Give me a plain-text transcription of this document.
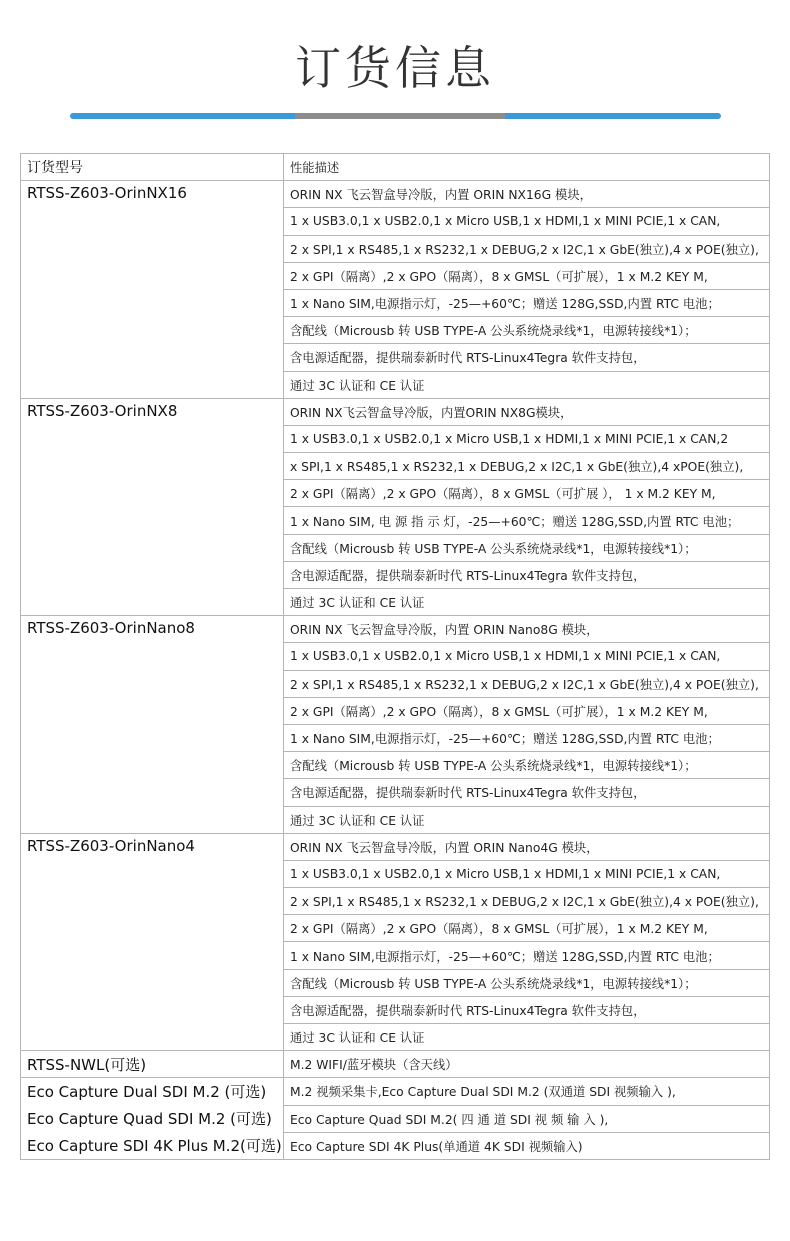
订货信息
订货型号	性能描述
RTSS-Z603-OrinNX16	ORIN NX 飞云智盒导冷版，内置 ORIN NX16G 模块，
	1 x USB3.0,1 x USB2.0,1 x Micro USB,1 x HDMI,1 x MINI PCIE,1 x CAN,
	2 x SPI,1 x RS485,1 x RS232,1 x DEBUG,2 x I2C,1 x GbE(独立),4 x POE(独立),
	2 x GPI（隔离）,2 x GPO（隔离），8 x GMSL（可扩展），1 x M.2 KEY M,
	1 x Nano SIM,电源指示灯，-25—+60℃；赠送 128G,SSD,内置 RTC 电池；
	含配线（Microusb 转 USB TYPE-A 公头系统烧录线*1，电源转接线*1）；
	含电源适配器，提供瑞泰新时代 RTS-Linux4Tegra 软件支持包，
	通过 3C 认证和 CE 认证
RTSS-Z603-OrinNX8	ORIN NX飞云智盒导冷版，内置ORIN NX8G模块，
	1 x USB3.0,1 x USB2.0,1 x Micro USB,1 x HDMI,1 x MINI PCIE,1 x CAN,2
	x SPI,1 x RS485,1 x RS232,1 x DEBUG,2 x I2C,1 x GbE(独立),4 xPOE(独立),
	2 x GPI（隔离）,2 x GPO（隔离），8 x GMSL（可扩展 ）， 1 x M.2 KEY M,
	1 x Nano SIM, 电 源 指 示 灯，-25—+60℃；赠送 128G,SSD,内置 RTC 电池；
	含配线（Microusb 转 USB TYPE-A 公头系统烧录线*1，电源转接线*1）；
	含电源适配器，提供瑞泰新时代 RTS-Linux4Tegra 软件支持包，
	通过 3C 认证和 CE 认证
RTSS-Z603-OrinNano8	ORIN NX 飞云智盒导冷版，内置 ORIN Nano8G 模块，
	1 x USB3.0,1 x USB2.0,1 x Micro USB,1 x HDMI,1 x MINI PCIE,1 x CAN,
	2 x SPI,1 x RS485,1 x RS232,1 x DEBUG,2 x I2C,1 x GbE(独立),4 x POE(独立),
	2 x GPI（隔离）,2 x GPO（隔离），8 x GMSL（可扩展），1 x M.2 KEY M,
	1 x Nano SIM,电源指示灯，-25—+60℃；赠送 128G,SSD,内置 RTC 电池；
	含配线（Microusb 转 USB TYPE-A 公头系统烧录线*1，电源转接线*1）；
	含电源适配器，提供瑞泰新时代 RTS-Linux4Tegra 软件支持包，
	通过 3C 认证和 CE 认证
RTSS-Z603-OrinNano4	ORIN NX 飞云智盒导冷版，内置 ORIN Nano4G 模块，
	1 x USB3.0,1 x USB2.0,1 x Micro USB,1 x HDMI,1 x MINI PCIE,1 x CAN,
	2 x SPI,1 x RS485,1 x RS232,1 x DEBUG,2 x I2C,1 x GbE(独立),4 x POE(独立),
	2 x GPI（隔离）,2 x GPO（隔离），8 x GMSL（可扩展），1 x M.2 KEY M,
	1 x Nano SIM,电源指示灯，-25—+60℃；赠送 128G,SSD,内置 RTC 电池；
	含配线（Microusb 转 USB TYPE-A 公头系统烧录线*1，电源转接线*1）；
	含电源适配器，提供瑞泰新时代 RTS-Linux4Tegra 软件支持包，
	通过 3C 认证和 CE 认证
RTSS-NWL(可选)	M.2 WIFI/蓝牙模块（含天线）
Eco Capture Dual SDI M.2 (可选)	M.2 视频采集卡,Eco Capture Dual SDI M.2 (双通道 SDI 视频输入 ),
Eco Capture Quad SDI M.2 (可选)	Eco Capture Quad SDI M.2( 四 通 道 SDI 视 频 输 入 ),
Eco Capture SDI 4K Plus M.2(可选)	Eco Capture SDI 4K Plus(单通道 4K SDI 视频输入)
